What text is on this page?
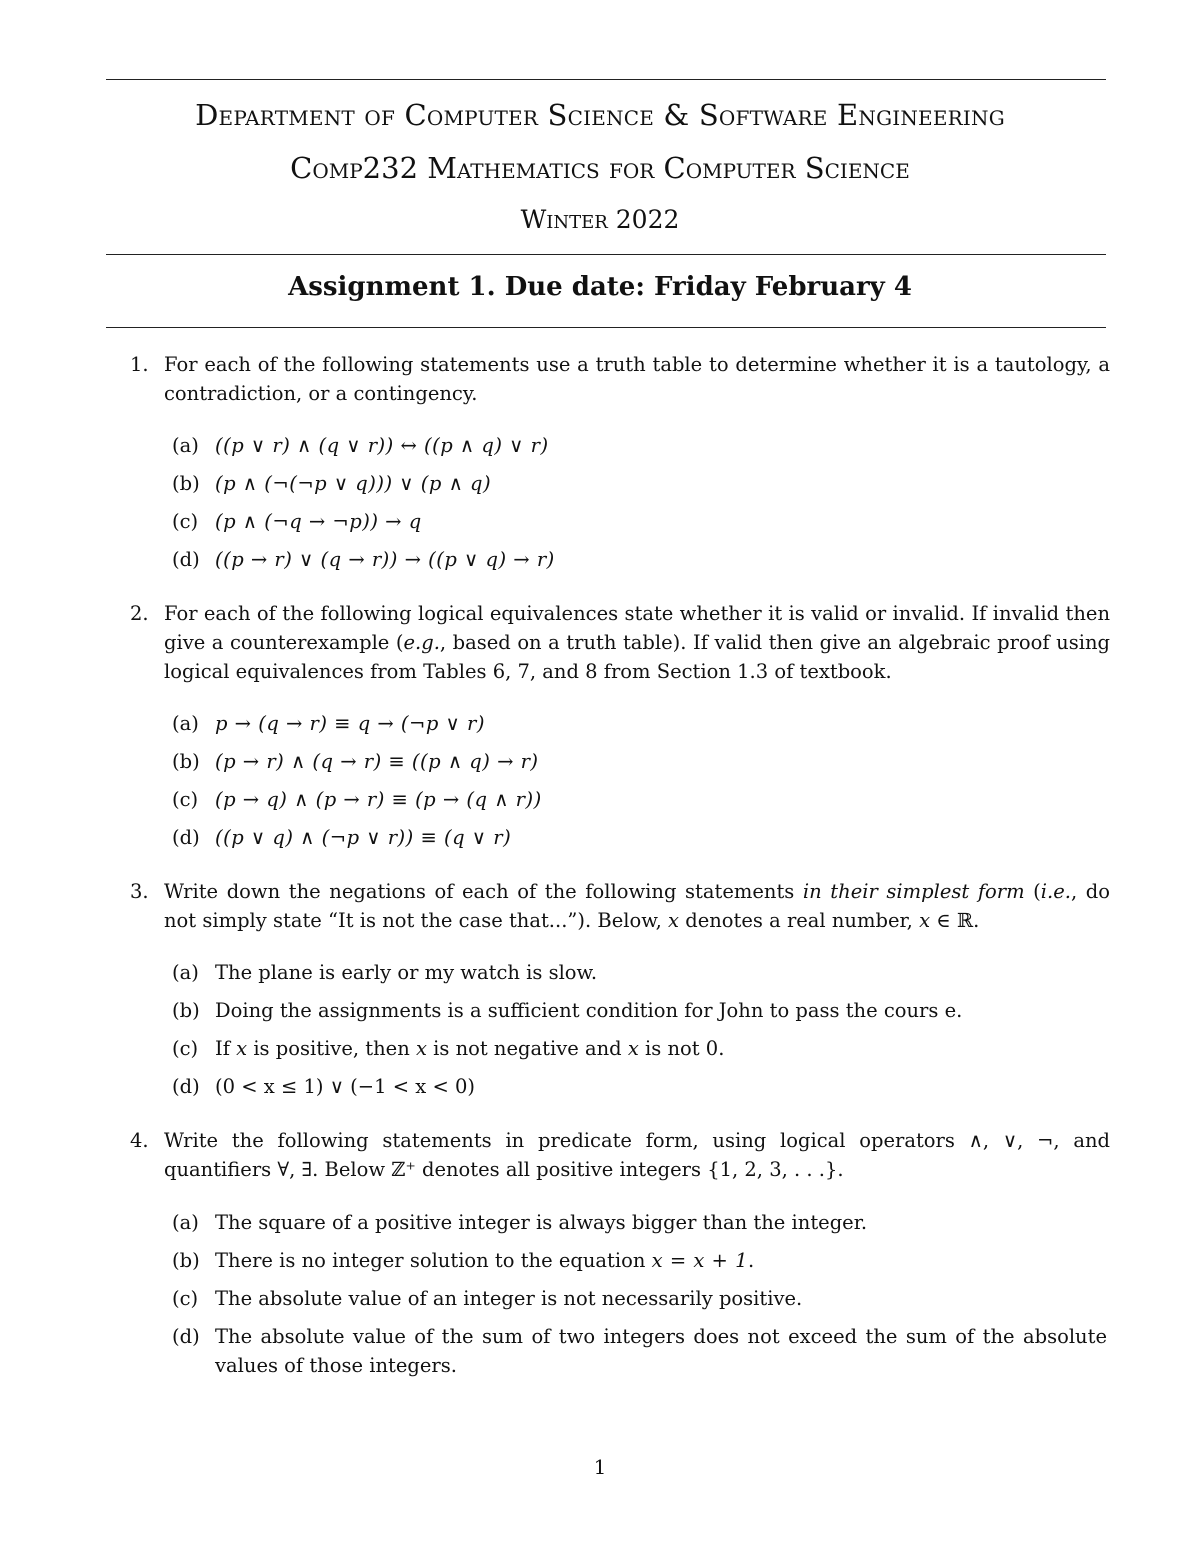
Department of Computer Science & Software Engineering
Comp232 Mathematics for Computer Science
Winter 2022
Assignment 1. Due date: Friday February 4
1. For each of the following statements use a truth table to determine whether it is a tautology, a contradiction, or a contingency.
(a) ((p ∨ r) ∧ (q ∨ r)) ↔ ((p ∧ q) ∨ r)
(b) (p ∧ (¬(¬p ∨ q))) ∨ (p ∧ q)
(c) (p ∧ (¬q → ¬p)) → q
(d) ((p → r) ∨ (q → r)) → ((p ∨ q) → r)
2. For each of the following logical equivalences state whether it is valid or invalid. If invalid then give a counterexample (e.g., based on a truth table). If valid then give an algebraic proof using logical equivalences from Tables 6, 7, and 8 from Section 1.3 of textbook.
(a) p → (q → r) ≡ q → (¬p ∨ r)
(b) (p → r) ∧ (q → r) ≡ ((p ∧ q) → r)
(c) (p → q) ∧ (p → r) ≡ (p → (q ∧ r))
(d) ((p ∨ q) ∧ (¬p ∨ r)) ≡ (q ∨ r)
3. Write down the negations of each of the following statements in their simplest form (i.e., do not simply state “It is not the case that...”). Below, x denotes a real number, x ∈ ℝ.
(a) The plane is early or my watch is slow.
(b) Doing the assignments is a sufficient condition for John to pass the cours e.
(c) If x is positive, then x is not negative and x is not 0.
(d) (0 < x ≤ 1) ∨ (−1 < x < 0)
4. Write the following statements in predicate form, using logical operators ∧, ∨, ¬, and quantifiers ∀, ∃. Below ℤ⁺ denotes all positive integers {1, 2, 3, . . .}.
(a) The square of a positive integer is always bigger than the integer.
(b) There is no integer solution to the equation x = x + 1.
(c) The absolute value of an integer is not necessarily positive.
(d) The absolute value of the sum of two integers does not exceed the sum of the absolute values of those integers.
1
